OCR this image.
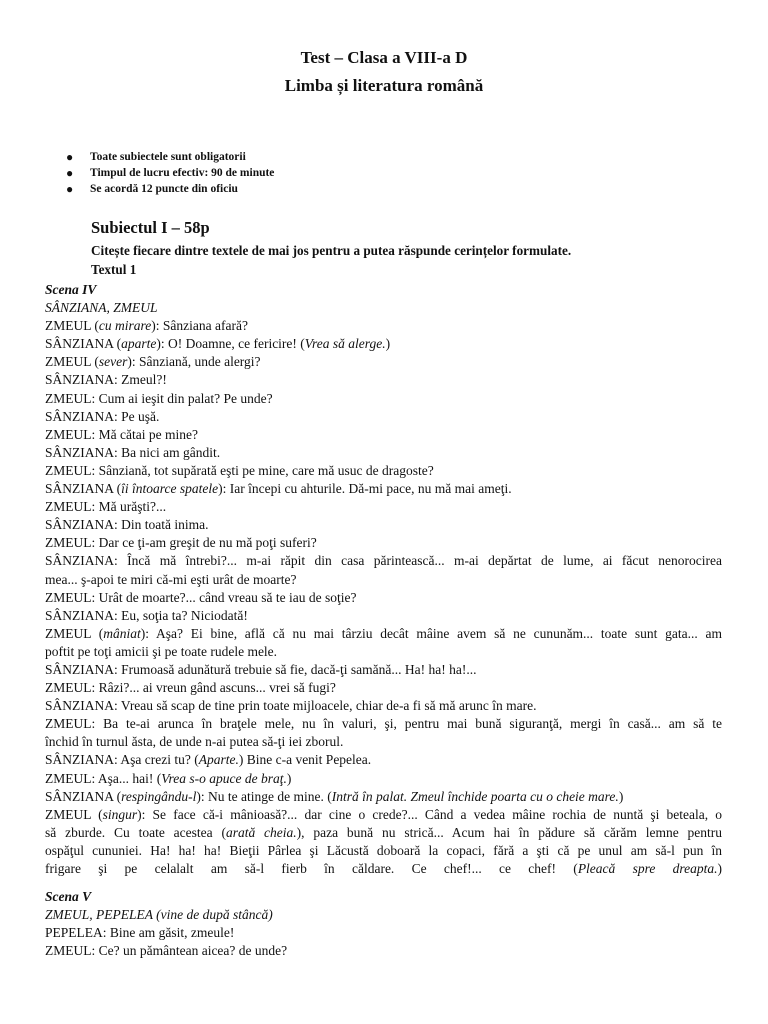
Test – Clasa a VIII-a D
Limba și literatura română
● Toate subiectele sunt obligatorii
● Timpul de lucru efectiv: 90 de minute
● Se acordă 12 puncte din oficiu
Subiectul I – 58p
Citește fiecare dintre textele de mai jos pentru a putea răspunde cerințelor formulate.
Textul 1
Scena IV
SÂNZIANA, ZMEUL
ZMEUL (cu mirare): Sânziana afară?
SÂNZIANA (aparte): O! Doamne, ce fericire! (Vrea să alerge.)
ZMEUL (sever): Sânziană, unde alergi?
SÂNZIANA: Zmeul?!
ZMEUL: Cum ai ieşit din palat? Pe unde?
SÂNZIANA: Pe uşă.
ZMEUL: Mă cătai pe mine?
SÂNZIANA: Ba nici am gândit.
ZMEUL: Sânziană, tot supărată eşti pe mine, care mă usuc de dragoste?
SÂNZIANA (îi întoarce spatele): Iar începi cu ahturile. Dă-mi pace, nu mă mai ameţi.
ZMEUL: Mă urăşti?...
SÂNZIANA: Din toată inima.
ZMEUL: Dar ce ţi-am greşit de nu mă poţi suferi?
SÂNZIANA: Încă mă întrebi?... m-ai răpit din casa părintească... m-ai depărtat de lume, ai făcut nenorocirea
mea... ş-apoi te miri că-mi eşti urât de moarte?
ZMEUL: Urât de moarte?... când vreau să te iau de soţie?
SÂNZIANA: Eu, soţia ta? Niciodată!
ZMEUL (mâniat): Aşa? Ei bine, află că nu mai târziu decât mâine avem să ne cununăm... toate sunt gata... am
poftit pe toţi amicii şi pe toate rudele mele.
SÂNZIANA: Frumoasă adunătură trebuie să fie, dacă-ţi samănă... Ha! ha! ha!...
ZMEUL: Râzi?... ai vreun gând ascuns... vrei să fugi?
SÂNZIANA: Vreau să scap de tine prin toate mijloacele, chiar de-a fi să mă arunc în mare.
ZMEUL: Ba te-ai arunca în braţele mele, nu în valuri, şi, pentru mai bună siguranţă, mergi în casă... am să te
închid în turnul ăsta, de unde n-ai putea să-ţi iei zborul.
SÂNZIANA: Aşa crezi tu? (Aparte.) Bine c-a venit Pepelea.
ZMEUL: Aşa... hai! (Vrea s-o apuce de braţ.)
SÂNZIANA (respingându-l): Nu te atinge de mine. (Intră în palat. Zmeul închide poarta cu o cheie mare.)
ZMEUL (singur): Se face că-i mânioasă?... dar cine o crede?... Când a vedea mâine rochia de nuntă şi beteala, o
să zburde. Cu toate acestea (arată cheia.), paza bună nu strică... Acum hai în pădure să cărăm lemne pentru
ospăţul cununiei. Ha! ha! ha! Bieţii Pârlea şi Lăcustă doboară la copaci, fără a şti că pe unul am să-l pun în
frigare şi pe celalalt am să-l fierb în căldare. Ce chef!... ce chef! (Pleacă spre dreapta.)
Scena V
ZMEUL, PEPELEA (vine de după stâncă)
PEPELEA: Bine am găsit, zmeule!
ZMEUL: Ce? un pământean aicea? de unde?
